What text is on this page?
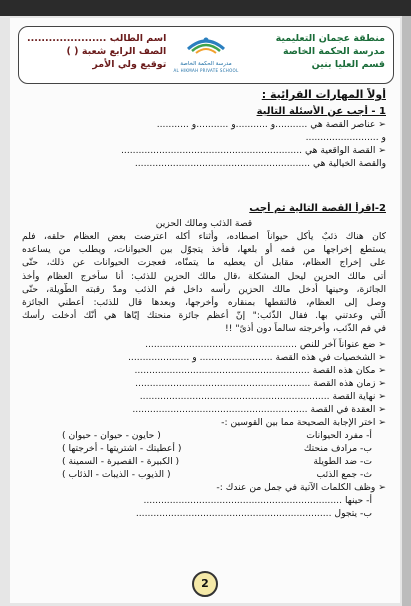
منطقة عجمان التعليمية
مدرسة الحكمة الخاصة
قسم العليا بنين
مدرسة الحكمة الخاصة
AL HIKMAH PRIVATE SCHOOL
اسم الطالب ......................
الصف الرابع شعبة ( )
توقيع ولي الأمر
أولاً المهارات القرائية :
1 - أجب عن الأسئلة التالية
➢ عناصر القصة هي ...........و ...........و ...........و ...........
و .........................
➢ القصة الواقعية هي ..............................................................
والقصة الخيالية هي ............................................................
2-اقرأ القصة التالية ثم أجب
قصة الذئب ومالك الحزين
كان هناك ذئبٌ يأكل حيواناً اصطاده، وأثناء أكله اعترضت بعض العظام حلقه، فلم
يستطع إخراجها من فمه أو بلعها، فأخذ يتجوّل بين الحيوانات، ويطلب من يساعده
على إخراج العظام، مقابل أن يعطيه ما يتمنّاه، فعجزت الحيوانات عن ذلك، حتّى
أتى مالك الحزين ليحل المشكلة ،قال مالك الحزين للذئب: أنا سأخرج العظام وأخذ
الجائزة، وحينها أدخل مالك الحزين رأسه داخل فم الذئب ومدّ رقبته الطّويلة، حتّى
وصل إلى العظام، فالتقطها بمنقاره وأخرجها، وبعدها قال للذئب: أعطني الجائزة
الّتي وعدتني بها. فقال الذّئب:" إنّ أعظم جائزة منحتك إيّاها هي أنّك أدخلت رأسك
في فم الذّئب، وأخرجته سالماً دون أذىً" !!
➢ ضع عنواناً آخر للنص ....................................................
➢ الشخصيات في هذه القصة ......................... و .....................
➢ مكان هذه القصة ............................................................
➢ زمان هذه القصة ............................................................
➢ نهاية القصة .................................................................
➢ العقدة في القصة ............................................................
➢ اختر الإجابة الصحيحة مما بين القوسين :-
أ- مفرد الحيوانات
( حايون - حيوان - حيوان )
ب- مرادف منحتك
( أعطيتك - اشتريتها - أخرجتها )
ت- ضد الطويلة
( الكبيرة - القصيرة - السمينة )
ث- جمع الذئب
( الذيوب - الذيبات - الذئاب )
➢ وظف الكلمات الآتية في جمل من عندك :-
أ- حينها ....................................................................
ب- يتجول ...................................................................
2
